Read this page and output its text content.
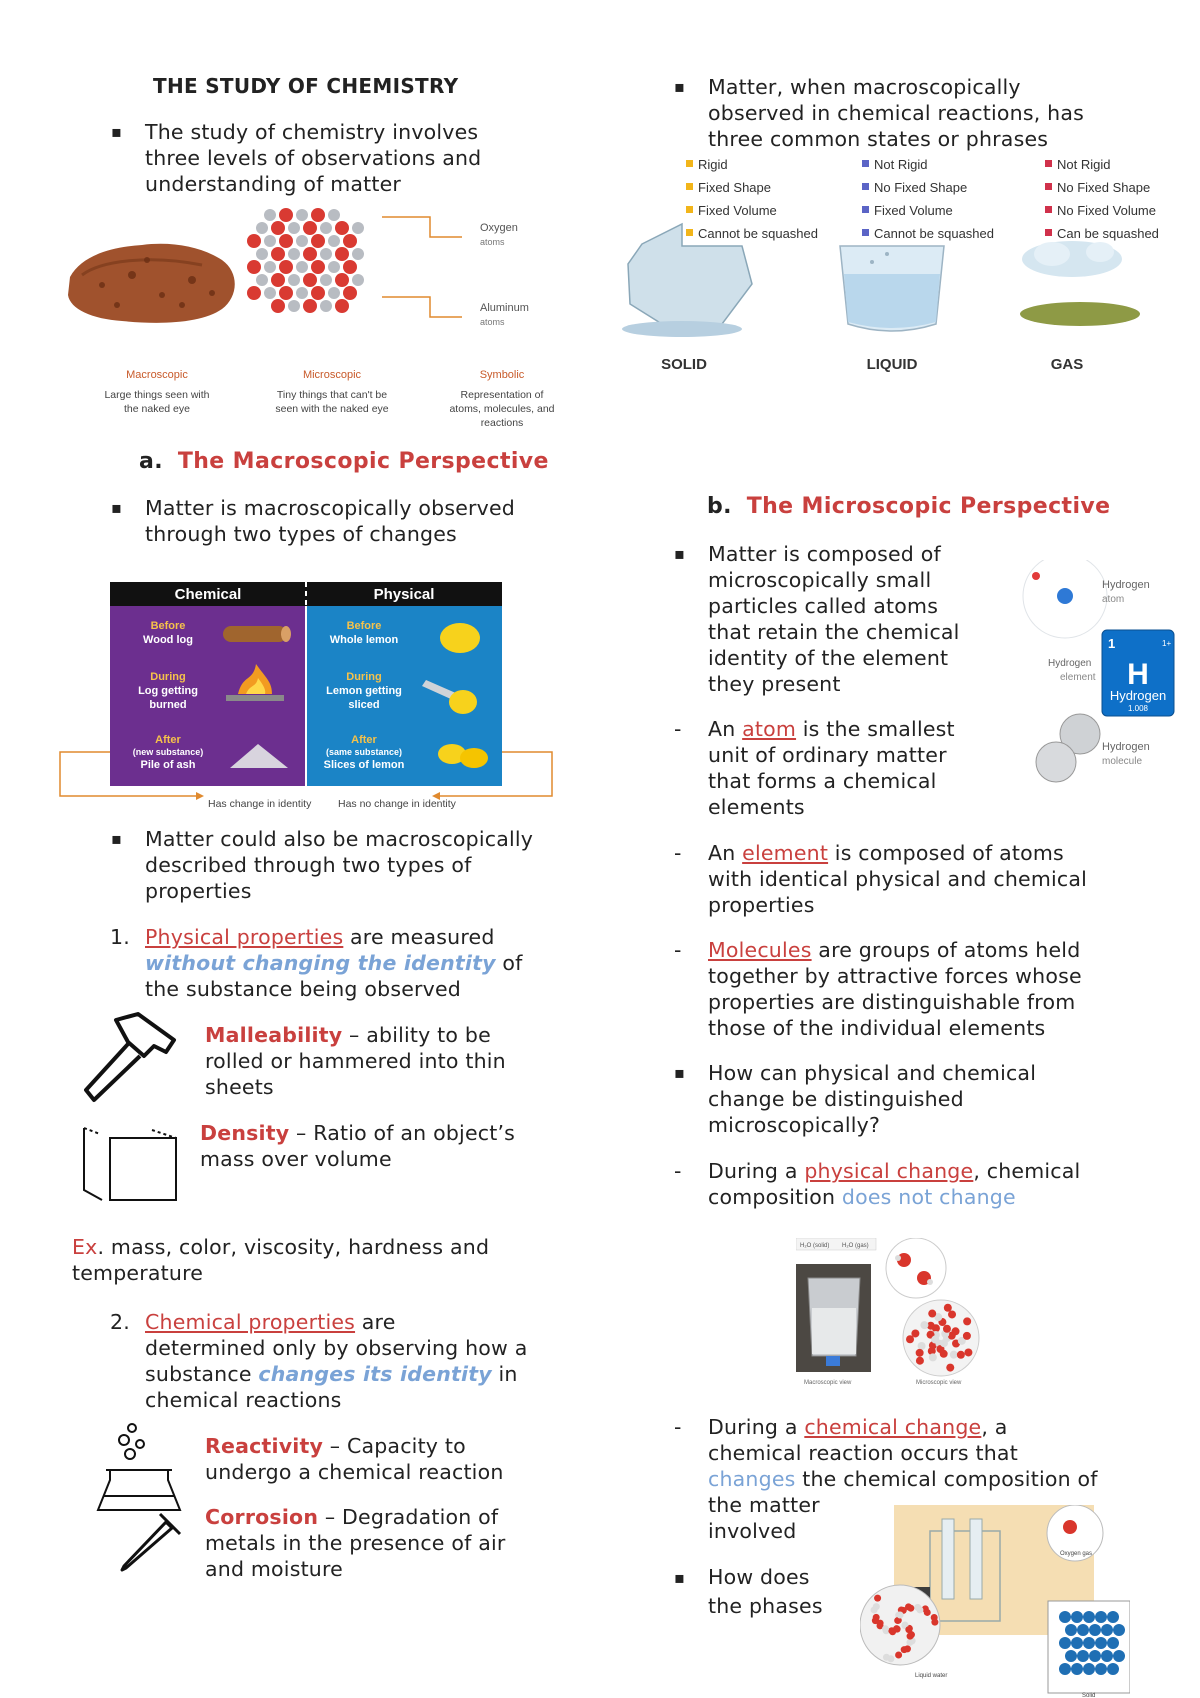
THE STUDY OF CHEMISTRY
▪ The study of chemistry involves
three levels of observations and
understanding of matter
Oxygen
atoms
Aluminum
atoms
Macroscopic
Large things seen with
the naked eye
Microscopic
Tiny things that can't be
seen with the naked eye
Symbolic
Representation of
atoms, molecules, and
reactions
a. The Macroscopic Perspective
▪ Matter is macroscopically observed
through two types of changes
Chemical	Physical
Before
Wood log
During
Log getting
burned
After
(new substance)
Pile of ash
Before
Whole lemon
During
Lemon getting
sliced
After
(same substance)
Slices of lemon
Has change in identity	Has no change in identity
▪ Matter could also be macroscopically
described through two types of
properties
1. Physical properties are measured
without changing the identity of
the substance being observed
Malleability – ability to be
rolled or hammered into thin
sheets
Density – Ratio of an object’s
mass over volume
Ex. mass, color, viscosity, hardness and
temperature
2. Chemical properties are
determined only by observing how a
substance changes its identity in
chemical reactions
Reactivity – Capacity to
undergo a chemical reaction
Corrosion – Degradation of
metals in the presence of air
and moisture
▪ Matter, when macroscopically
observed in chemical reactions, has
three common states or phrases
Rigid
Fixed Shape
Fixed Volume
Cannot be squashed
Not Rigid
No Fixed Shape
Fixed Volume
Cannot be squashed
Not Rigid
No Fixed Shape
No Fixed Volume
Can be squashed
SOLID	LIQUID	GAS
b. The Microscopic Perspective
▪ Matter is composed of
microscopically small
particles called atoms
that retain the chemical
identity of the element
they present
Hydrogen
atom
1	1+
H
Hydrogen
1.008
Hydrogen
element
Hydrogen
molecule
- An atom is the smallest
unit of ordinary matter
that forms a chemical
elements
- An element is composed of atoms
with identical physical and chemical
properties
- Molecules are groups of atoms held
together by attractive forces whose
properties are distinguishable from
those of the individual elements
▪ How can physical and chemical
change be distinguished
microscopically?
- During a physical change, chemical
composition does not change
H₂O (solid) H₂O (gas)
Macroscopic view	Microscopic view
- During a chemical change, a
chemical reaction occurs that
changes the chemical composition of
the matter
involved
▪ How does
the phases
Oxygen gas
Liquid water
Solid
